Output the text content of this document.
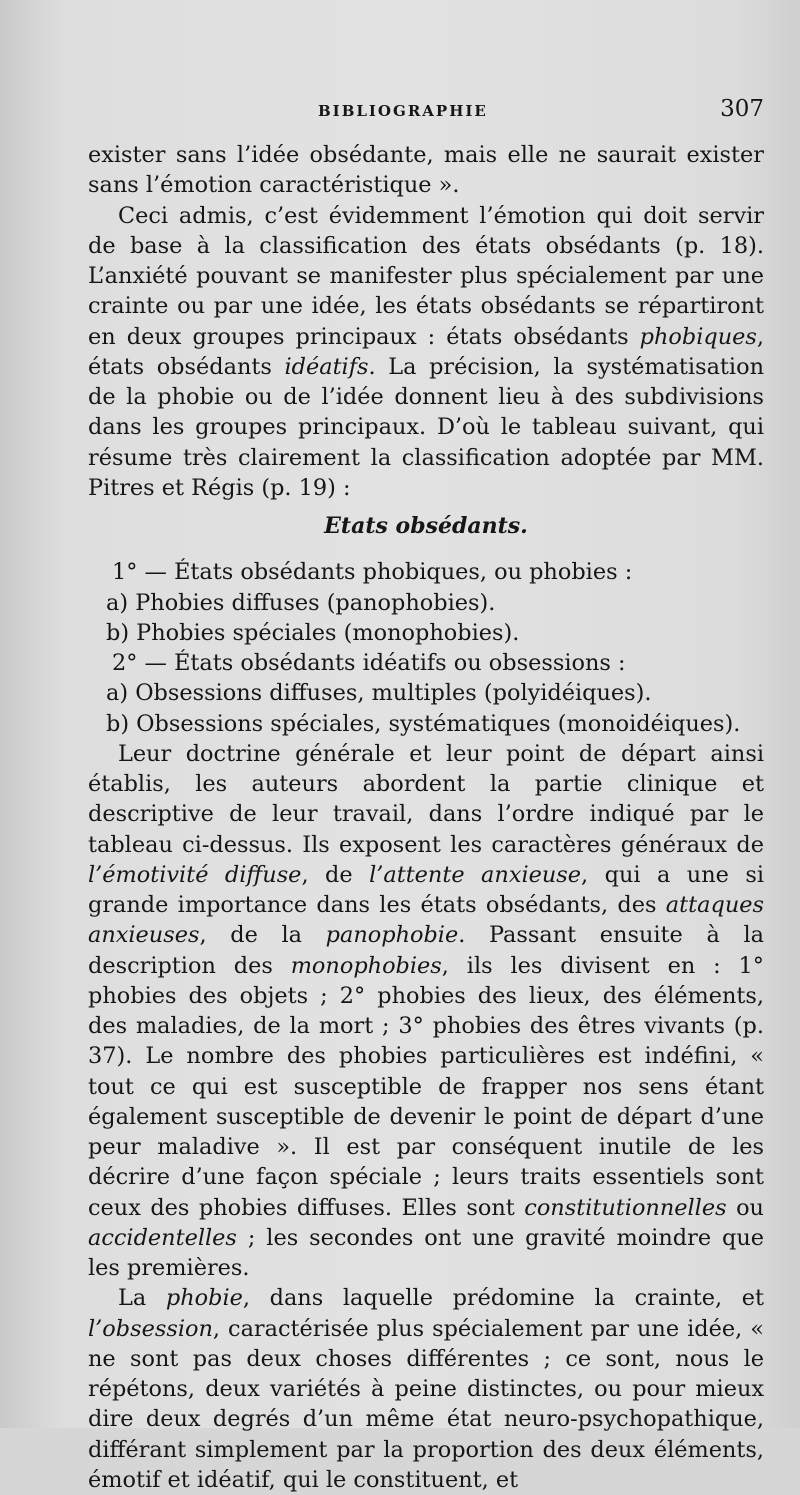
BIBLIOGRAPHIE	307

exister sans l’idée obsédante, mais elle ne saurait exister sans l’émotion caractéristique ».

Ceci admis, c’est évidemment l’émotion qui doit servir de base à la classification des états obsédants (p. 18). L’anxiété pouvant se manifester plus spécialement par une crainte ou par une idée, les états obsédants se répartiront en deux groupes principaux : états obsédants phobiques, états obsédants idéatifs. La précision, la systématisation de la phobie ou de l’idée donnent lieu à des subdivisions dans les groupes principaux. D’où le tableau suivant, qui résume très clairement la classification adoptée par MM. Pitres et Régis (p. 19) :

Etats obsédants.

1° — États obsédants phobiques, ou phobies :

a) Phobies diffuses (panophobies).

b) Phobies spéciales (monophobies).

2° — États obsédants idéatifs ou obsessions :

a) Obsessions diffuses, multiples (polyidéiques).

b) Obsessions spéciales, systématiques (monoidéiques).

Leur doctrine générale et leur point de départ ainsi établis, les auteurs abordent la partie clinique et descriptive de leur travail, dans l’ordre indiqué par le tableau ci-dessus. Ils exposent les caractères généraux de l’émotivité diffuse, de l’attente anxieuse, qui a une si grande importance dans les états obsédants, des attaques anxieuses, de la panophobie. Passant ensuite à la description des monophobies, ils les divisent en : 1° phobies des objets ; 2° phobies des lieux, des éléments, des maladies, de la mort ; 3° phobies des êtres vivants (p. 37). Le nombre des phobies particulières est indéfini, « tout ce qui est susceptible de frapper nos sens étant également susceptible de devenir le point de départ d’une peur maladive ». Il est par conséquent inutile de les décrire d’une façon spéciale ; leurs traits essentiels sont ceux des phobies diffuses. Elles sont constitutionnelles ou accidentelles ; les secondes ont une gravité moindre que les premières.

La phobie, dans laquelle prédomine la crainte, et l’obsession, caractérisée plus spécialement par une idée, « ne sont pas deux choses différentes ; ce sont, nous le répétons, deux variétés à peine distinctes, ou pour mieux dire deux degrés d’un même état neuro-psychopathique, différant simplement par la proportion des deux éléments, émotif et idéatif, qui le constituent, et
